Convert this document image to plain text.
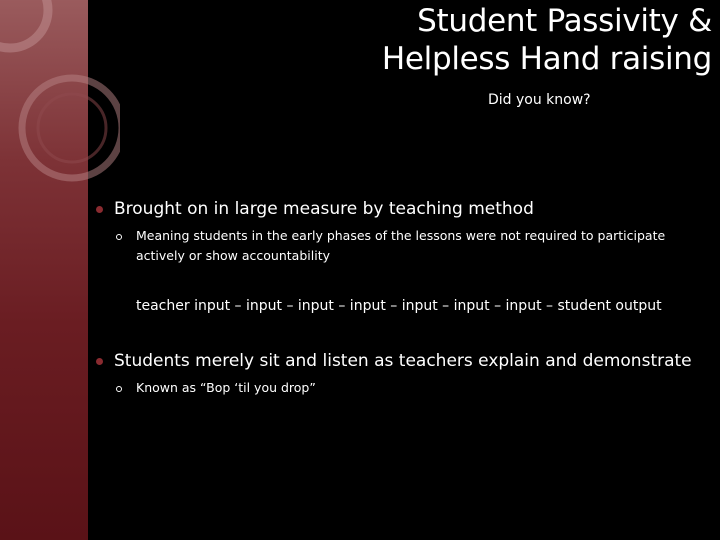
Student Passivity &
Helpless Hand raising
Did you know?
Brought on in large measure by teaching method
Meaning students in the early phases of the lessons were not required to participate actively or show accountability
teacher input – input – input – input – input – input – input – student output
Students merely sit and listen as teachers explain and demonstrate
Known as “Bop ‘til you drop”
